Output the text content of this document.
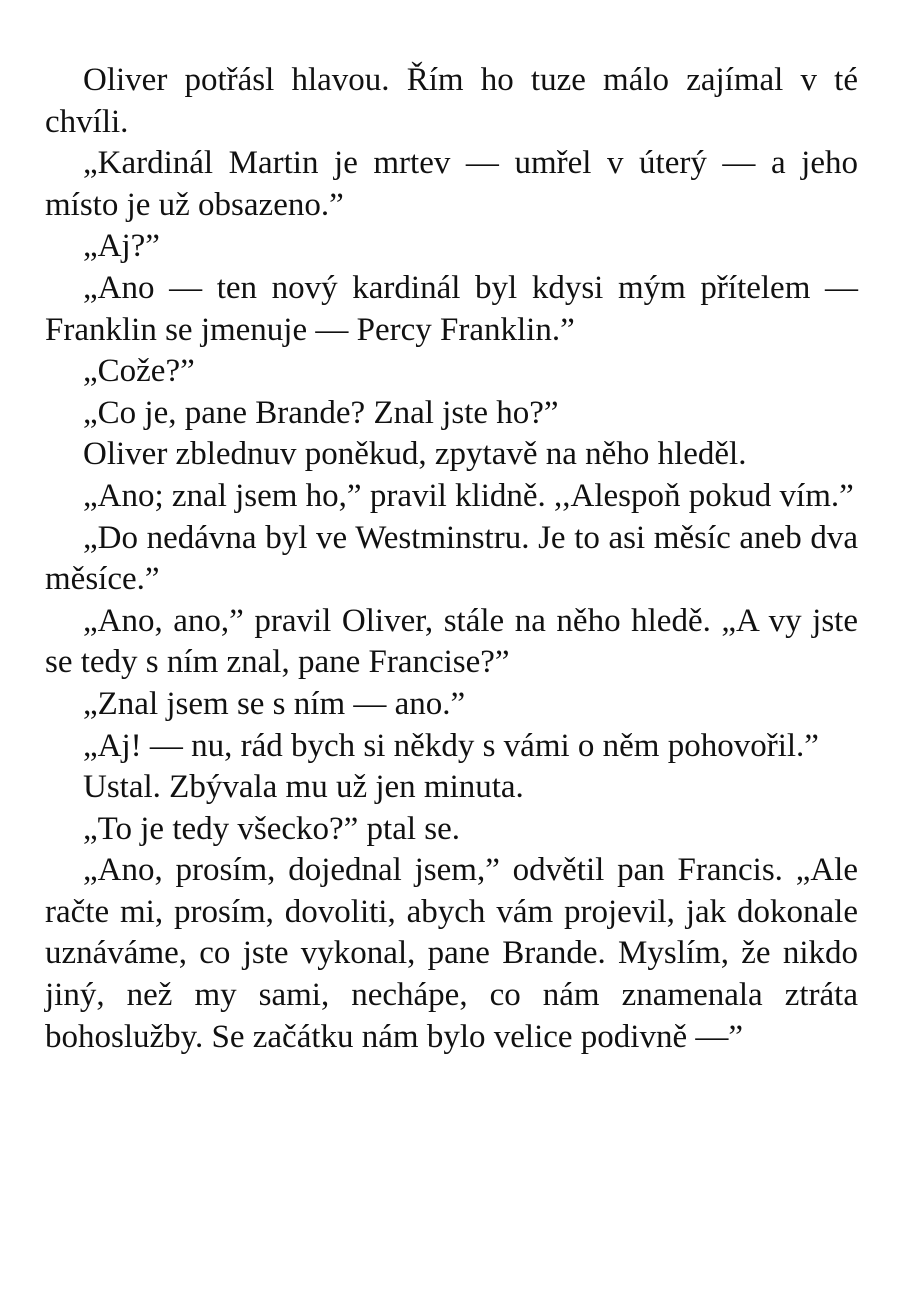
Oliver potřásl hlavou. Řím ho tuze málo zajímal v té chvíli.

„Kardinál Martin je mrtev — umřel v úterý — a jeho místo je už obsazeno.”

„Aj?”

„Ano — ten nový kardinál byl kdysi mým přítelem — Franklin se jmenuje — Percy Franklin.”

„Cože?”

„Co je, pane Brande? Znal jste ho?”

Oliver zblednuv poněkud, zpytavě na něho hleděl.

„Ano; znal jsem ho,” pravil klidně. ,,Alespoň pokud vím.”

„Do nedávna byl ve Westminstru. Je to asi měsíc aneb dva měsíce.”

„Ano, ano,” pravil Oliver, stále na něho hledě. „A vy jste se tedy s ním znal, pane Francise?”

„Znal jsem se s ním — ano.”

„Aj! — nu, rád bych si někdy s vámi o něm pohovořil.”

Ustal. Zbývala mu už jen minuta.

„To je tedy všecko?” ptal se.

„Ano, prosím, dojednal jsem,” odvětil pan Francis. „Ale račte mi, prosím, dovoliti, abych vám projevil, jak dokonale uznáváme, co jste vykonal, pane Brande. Myslím, že nikdo jiný, než my sami, nechápe, co nám znamenala ztráta bohoslužby. Se začátku nám bylo velice podivně —”
